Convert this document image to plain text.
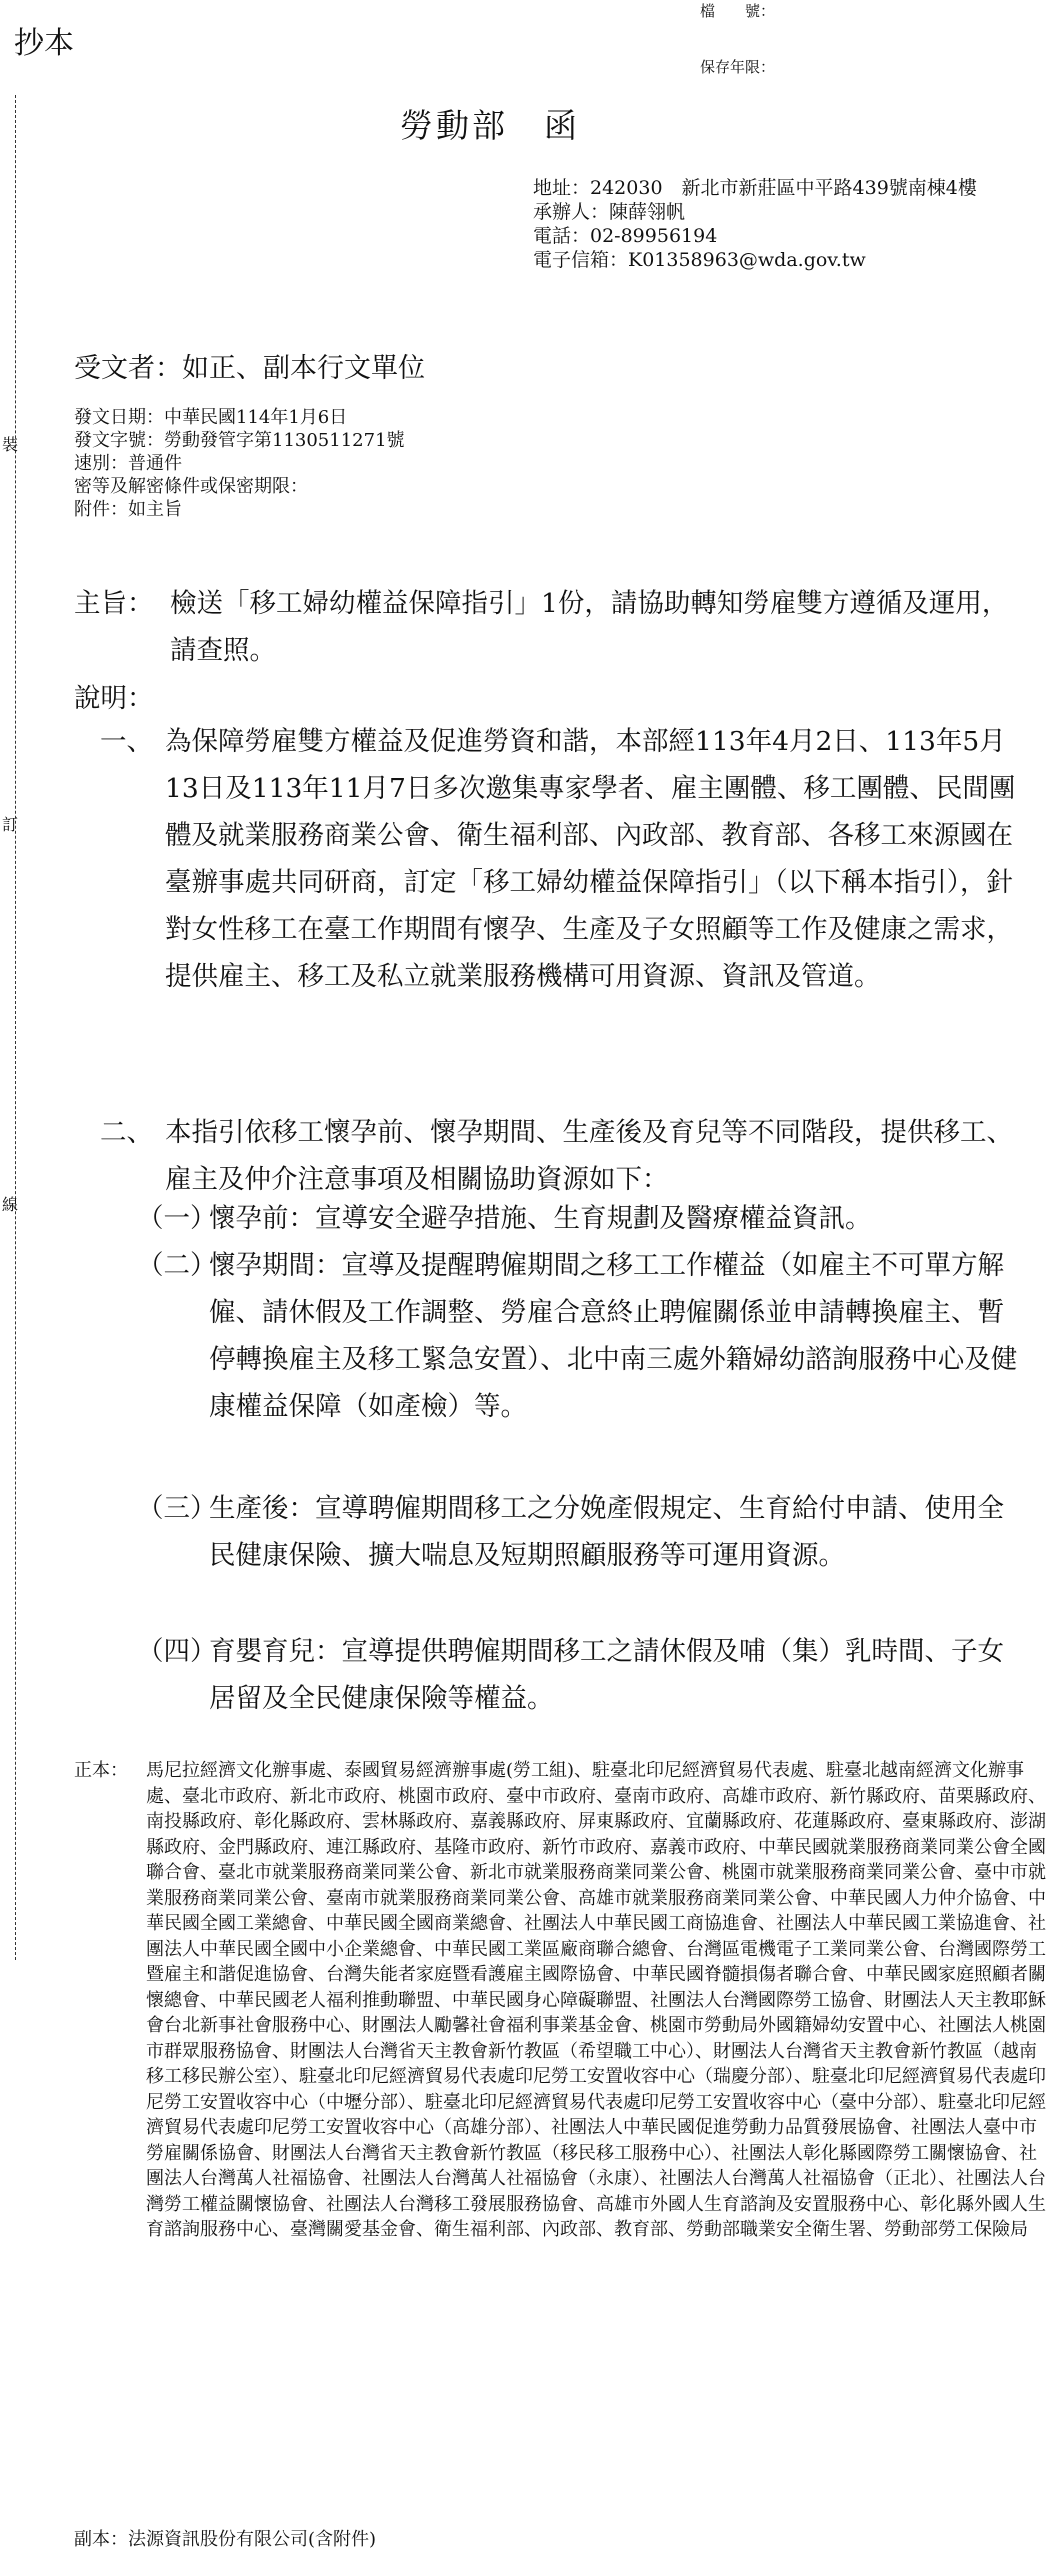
抄本
檔　　號：
保存年限：
裝
訂
線
勞動部　函
地址：242030　新北市新莊區中平路439號南棟4樓
承辦人：陳薛翎帆
電話：02-89956194
電子信箱：K01358963@wda.gov.tw
受文者：如正、副本行文單位
發文日期：中華民國114年1月6日
發文字號：勞動發管字第1130511271號
速別：普通件
密等及解密條件或保密期限：
附件：如主旨
主旨： 檢送「移工婦幼權益保障指引」1份，請協助轉知勞雇雙方遵循及運用，請查照。
說明：
一、 為保障勞雇雙方權益及促進勞資和諧，本部經113年4月2日、113年5月13日及113年11月7日多次邀集專家學者、雇主團體、移工團體、民間團體及就業服務商業公會、衛生福利部、內政部、教育部、各移工來源國在臺辦事處共同研商，訂定「移工婦幼權益保障指引」（以下稱本指引），針對女性移工在臺工作期間有懷孕、生產及子女照顧等工作及健康之需求，提供雇主、移工及私立就業服務機構可用資源、資訊及管道。
二、 本指引依移工懷孕前、懷孕期間、生產後及育兒等不同階段，提供移工、雇主及仲介注意事項及相關協助資源如下：
（一）
懷孕前：宣導安全避孕措施、生育規劃及醫療權益資訊。
（二）
懷孕期間：宣導及提醒聘僱期間之移工工作權益（如雇主不可單方解僱、請休假及工作調整、勞雇合意終止聘僱關係並申請轉換雇主、暫停轉換雇主及移工緊急安置）、北中南三處外籍婦幼諮詢服務中心及健康權益保障（如產檢）等。
（三）
生產後：宣導聘僱期間移工之分娩產假規定、生育給付申請、使用全民健康保險、擴大喘息及短期照顧服務等可運用資源。
（四）
育嬰育兒：宣導提供聘僱期間移工之請休假及哺（集）乳時間、子女居留及全民健康保險等權益。
正本：	馬尼拉經濟文化辦事處、泰國貿易經濟辦事處(勞工組)、駐臺北印尼經濟貿易代表處、駐臺北越南經濟文化辦事處、臺北市政府、新北市政府、桃園市政府、臺中市政府、臺南市政府、高雄市政府、新竹縣政府、苗栗縣政府、南投縣政府、彰化縣政府、雲林縣政府、嘉義縣政府、屏東縣政府、宜蘭縣政府、花蓮縣政府、臺東縣政府、澎湖縣政府、金門縣政府、連江縣政府、基隆市政府、新竹市政府、嘉義市政府、中華民國就業服務商業同業公會全國聯合會、臺北市就業服務商業同業公會、新北市就業服務商業同業公會、桃園市就業服務商業同業公會、臺中市就業服務商業同業公會、臺南市就業服務商業同業公會、高雄市就業服務商業同業公會、中華民國人力仲介協會、中華民國全國工業總會、中華民國全國商業總會、社團法人中華民國工商協進會、社團法人中華民國工業協進會、社團法人中華民國全國中小企業總會、中華民國工業區廠商聯合總會、台灣區電機電子工業同業公會、台灣國際勞工暨雇主和諧促進協會、台灣失能者家庭暨看護雇主國際協會、中華民國脊髓損傷者聯合會、中華民國家庭照顧者關懷總會、中華民國老人福利推動聯盟、中華民國身心障礙聯盟、社團法人台灣國際勞工協會、財團法人天主教耶穌會台北新事社會服務中心、財團法人勵馨社會福利事業基金會、桃園市勞動局外國籍婦幼安置中心、社團法人桃園市群眾服務協會、財團法人台灣省天主教會新竹教區（希望職工中心）、財團法人台灣省天主教會新竹教區（越南移工移民辦公室）、駐臺北印尼經濟貿易代表處印尼勞工安置收容中心（瑞慶分部）、駐臺北印尼經濟貿易代表處印尼勞工安置收容中心（中壢分部）、駐臺北印尼經濟貿易代表處印尼勞工安置收容中心（臺中分部）、駐臺北印尼經濟貿易代表處印尼勞工安置收容中心（高雄分部）、社團法人中華民國促進勞動力品質發展協會、社團法人臺中市勞雇關係協會、財團法人台灣省天主教會新竹教區（移民移工服務中心）、社團法人彰化縣國際勞工關懷協會、社團法人台灣萬人社福協會、社團法人台灣萬人社福協會（永康）、社團法人台灣萬人社福協會（正北）、社團法人台灣勞工權益關懷協會、社團法人台灣移工發展服務協會、高雄市外國人生育諮詢及安置服務中心、彰化縣外國人生育諮詢服務中心、臺灣關愛基金會、衛生福利部、內政部、教育部、勞動部職業安全衛生署、勞動部勞工保險局
副本：法源資訊股份有限公司(含附件)
